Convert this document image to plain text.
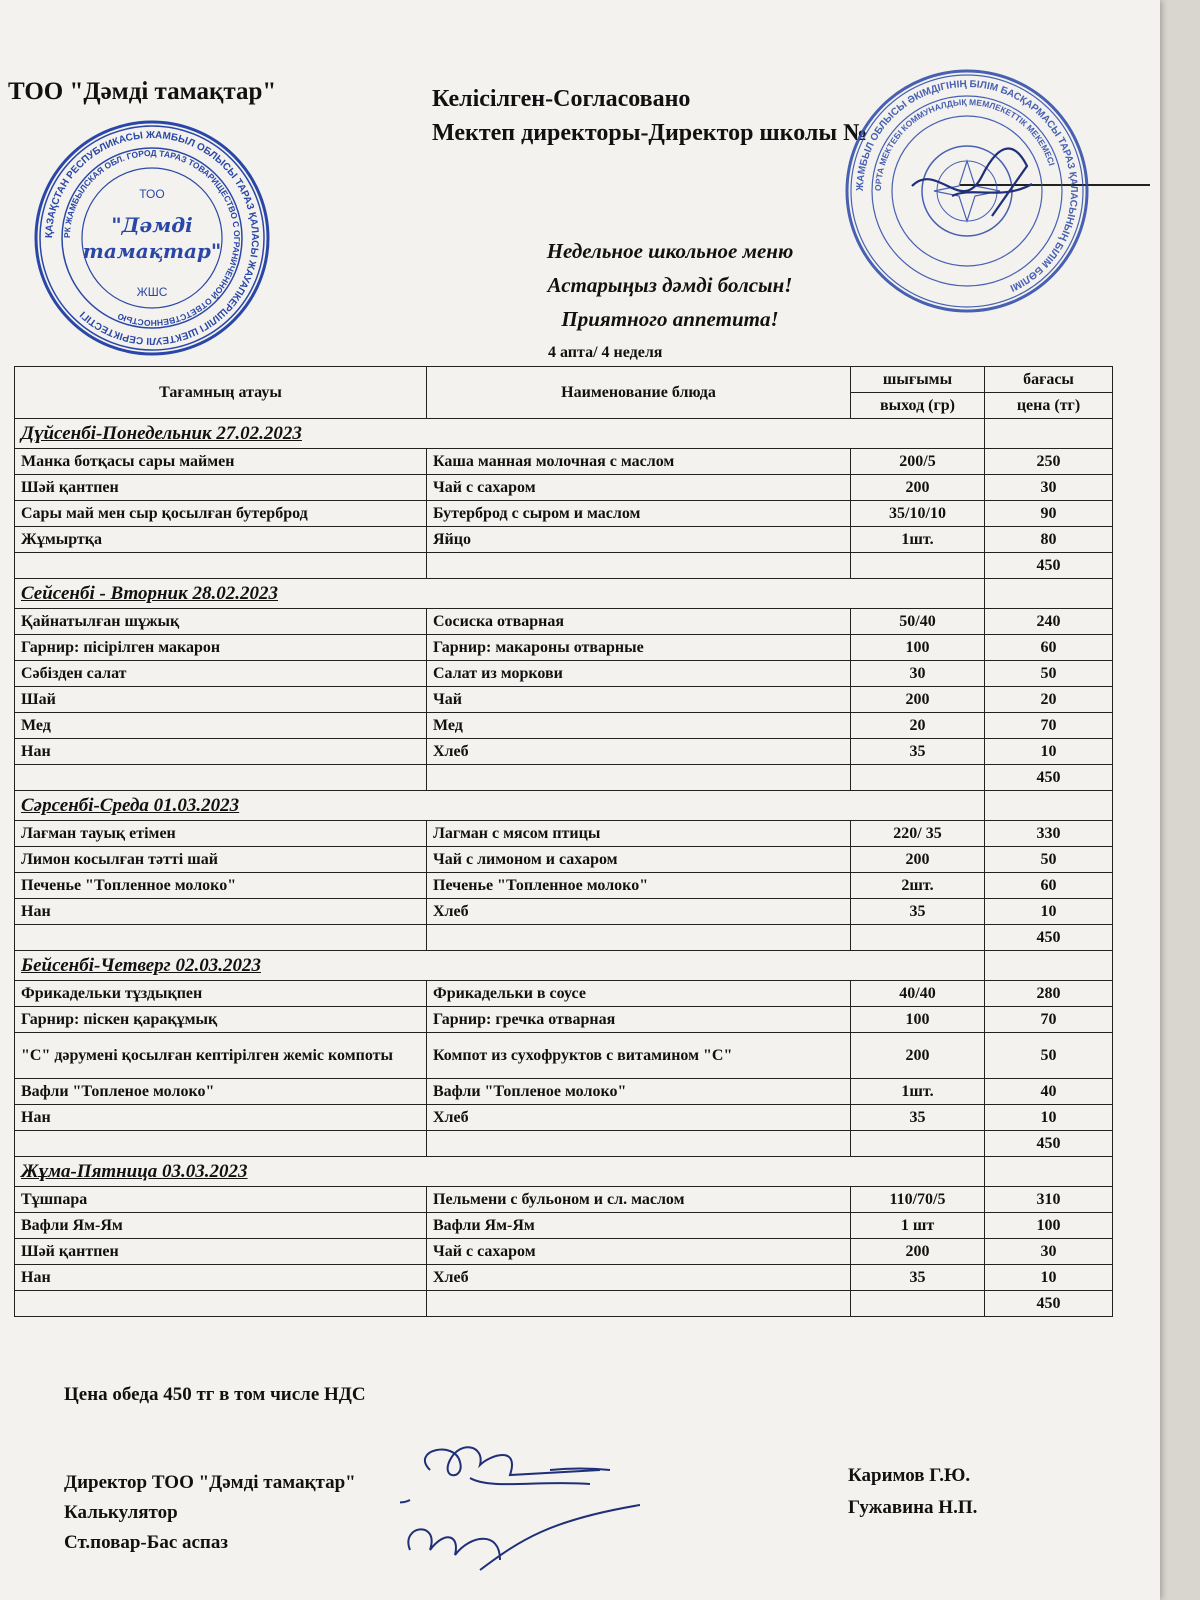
ТОО "Дәмді тамақтар"	Келісілген-Согласовано
Мектеп директоры-Директор школы №
ҚАЗАҚСТАН РЕСПУБЛИКАСЫ ЖАМБЫЛ ОБЛЫСЫ ТАРАЗ ҚАЛАСЫ ЖАУАПКЕРШІЛІГІ ШЕКТЕУЛІ СЕРІКТЕСТІГІ
РК ЖАМБЫЛСКАЯ ОБЛ. ГОРОД ТАРАЗ ТОВАРИЩЕСТВО С ОГРАНИЧЕННОЙ ОТВЕТСТВЕННОСТЬЮ
ТОО
"Дәмді
тамақтар"
ЖШС
ЖАМБЫЛ ОБЛЫСЫ ӘКІМДІГІНІҢ БІЛІМ БАСҚАРМАСЫ ТАРАЗ ҚАЛАСЫНЫҢ БІЛІМ БӨЛІМІ
ОРТА МЕКТЕБІ КОММУНАЛДЫҚ МЕМЛЕКЕТТІК МЕКЕМЕСІ
Недельное школьное меню
Астарыңыз дәмді болсын!
Приятного аппетита!
4 апта/ 4 неделя
Тағамның атауы	Наименование блюда	шығымы	бағасы
		выход (гр)	цена (тг)
Дүйсенбі-Понедельник 27.02.2023			
Манка ботқасы сары маймен	Каша манная молочная с маслом	200/5	250
Шәй қантпен	Чай с сахаром	200	30
Сары май мен сыр қосылған бутерброд	Бутерброд с сыром и маслом	35/10/10	90
Жұмыртқа	Яйцо	1шт.	80
			450
Сейсенбі - Вторник 28.02.2023			
Қайнатылған шұжық	Сосиска отварная	50/40	240
Гарнир: пісірілген макарон	Гарнир: макароны отварные	100	60
Сәбізден салат	Салат из моркови	30	50
Шай	Чай	200	20
Мед	Мед	20	70
Нан	Хлеб	35	10
			450
Сәрсенбі-Среда 01.03.2023			
Лағман тауық етімен	Лагман с мясом птицы	220/ 35	330
Лимон косылған тәтті шай	Чай с лимоном и сахаром	200	50
Печенье "Топленное молоко"	Печенье "Топленное молоко"	2шт.	60
Нан	Хлеб	35	10
			450
Бейсенбі-Четверг 02.03.2023			
Фрикадельки тұздықпен	Фрикадельки в соусе	40/40	280
Гарнир: піскен қарақұмық	Гарнир: гречка отварная	100	70
"С" дәрумені қосылған кептірілген жеміс компоты	Компот из сухофруктов с витамином "С"	200	50
Вафли "Топленое молоко"	Вафли "Топленое молоко"	1шт.	40
Нан	Хлеб	35	10
			450
Жұма-Пятница 03.03.2023			
Тұшпара	Пельмени с бульоном и сл. маслом	110/70/5	310
Вафли Ям-Ям	Вафли Ям-Ям	1 шт	100
Шәй қантпен	Чай с сахаром	200	30
Нан	Хлеб	35	10
			450
Цена обеда 450 тг в том числе НДС
Директор ТОО "Дәмді тамақтар"
Калькулятор
Ст.повар-Бас аспаз
Каримов Г.Ю.
Гужавина Н.П.
